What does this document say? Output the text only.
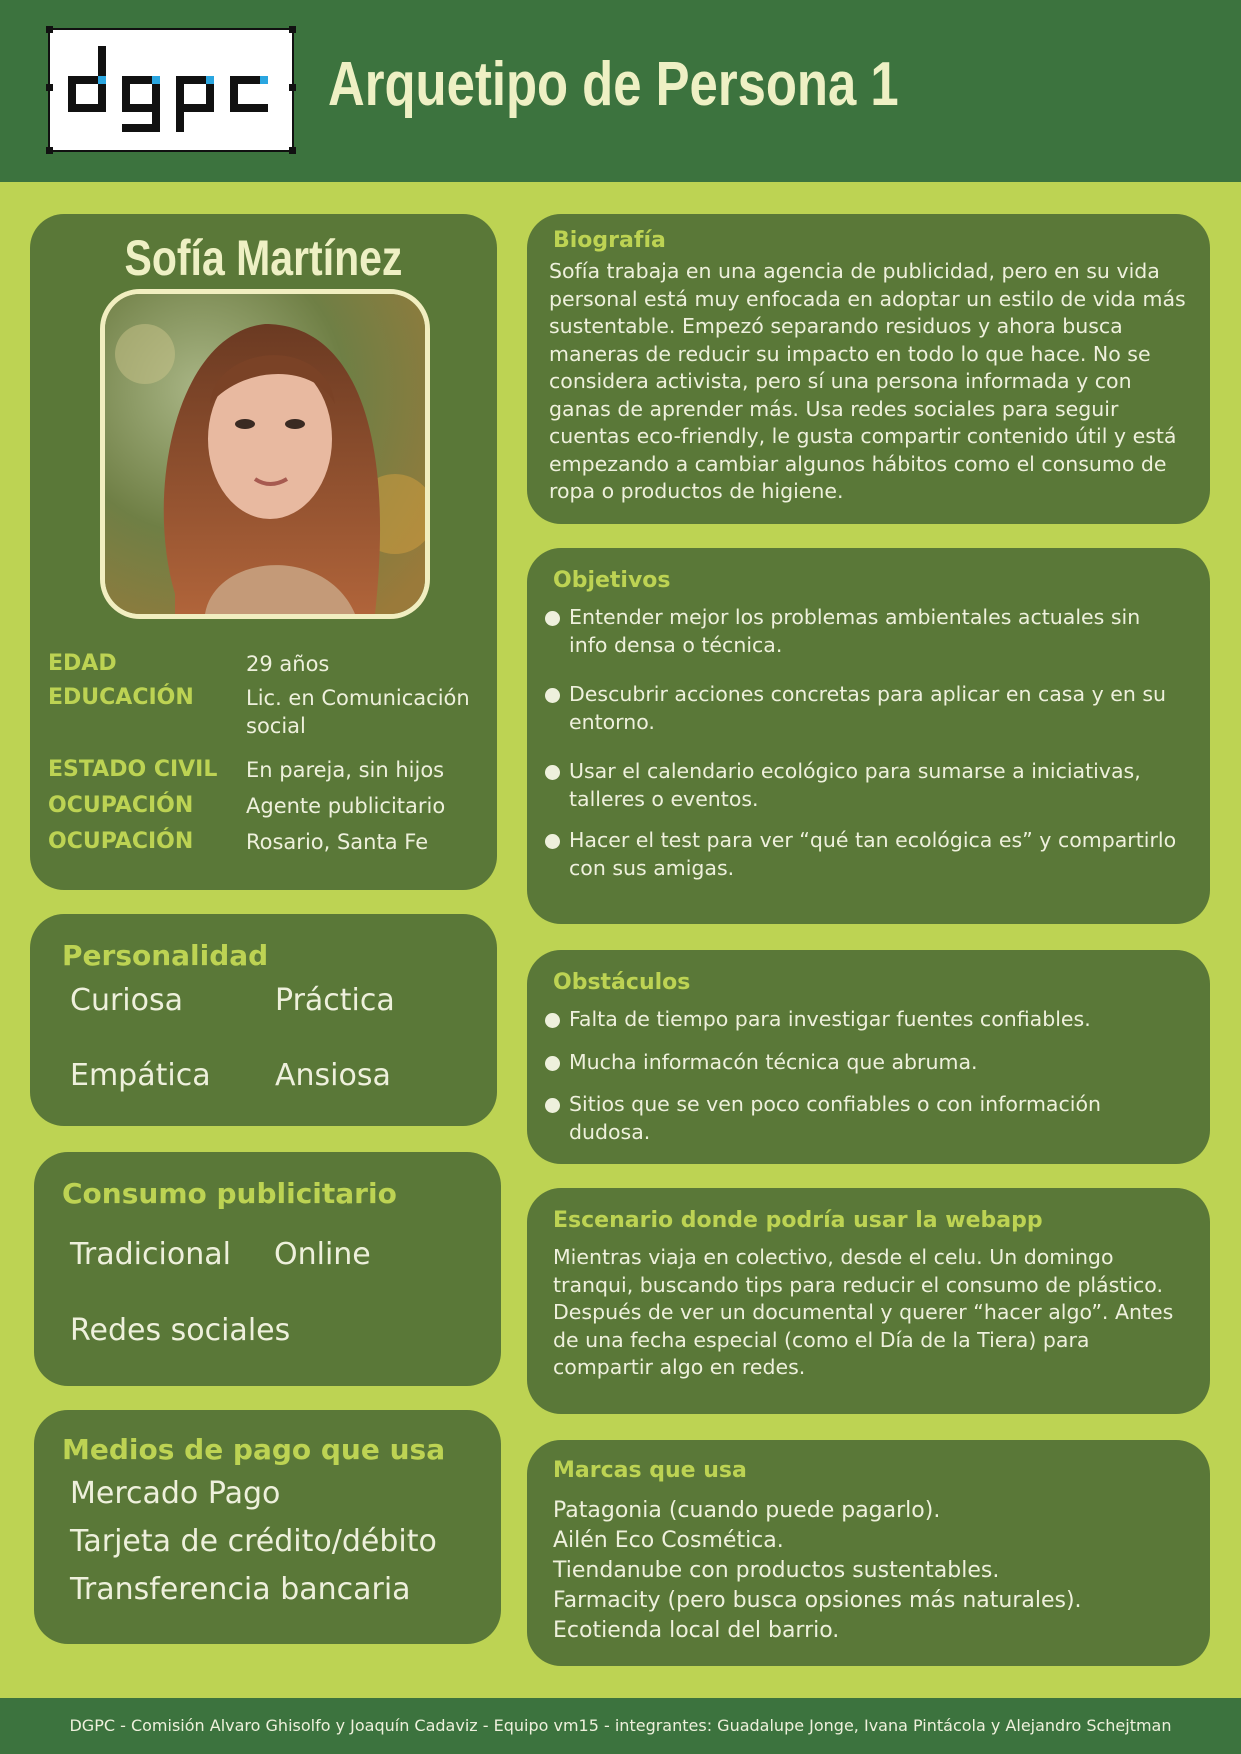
Arquetipo de Persona 1
Sofía Martínez
EDAD	29 años
EDUCACIÓN	Lic. en Comunicación social
ESTADO CIVIL	En pareja, sin hijos
OCUPACIÓN	Agente publicitario
OCUPACIÓN	Rosario, Santa Fe
Personalidad
Curiosa	Práctica
Empática Ansiosa
Consumo publicitario
Tradicional Online
Redes sociales
Medios de pago que usa
Mercado Pago
Tarjeta de crédito/débito
Transferencia bancaria
Biografía
Sofía trabaja en una agencia de publicidad, pero en su vida personal está muy enfocada en adoptar un estilo de vida más sustentable. Empezó separando residuos y ahora busca maneras de reducir su impacto en todo lo que hace. No se considera activista, pero sí una persona informada y con ganas de aprender más. Usa redes sociales para seguir cuentas eco-friendly, le gusta compartir contenido útil y está empezando a cambiar algunos hábitos como el consumo de ropa o productos de higiene.
Objetivos
Entender mejor los problemas ambientales actuales sin info densa o técnica.
Descubrir acciones concretas para aplicar en casa y en su entorno.
Usar el calendario ecológico para sumarse a iniciativas, talleres o eventos.
Hacer el test para ver “qué tan ecológica es” y compartirlo con sus amigas.
Obstáculos
Falta de tiempo para investigar fuentes confiables.
Mucha informacón técnica que abruma.
Sitios que se ven poco confiables o con información dudosa.
Escenario donde podría usar la webapp
Mientras viaja en colectivo, desde el celu. Un domingo tranqui, buscando tips para reducir el consumo de plástico. Después de ver un documental y querer “hacer algo”. Antes de una fecha especial (como el Día de la Tiera) para compartir algo en redes.
Marcas que usa
Patagonia (cuando puede pagarlo).
Ailén Eco Cosmética.
Tiendanube con productos sustentables.
Farmacity (pero busca opsiones más naturales).
Ecotienda local del barrio.
DGPC - Comisión Alvaro Ghisolfo y Joaquín Cadaviz - Equipo vm15 - integrantes: Guadalupe Jonge, Ivana Pintácola y Alejandro Schejtman
